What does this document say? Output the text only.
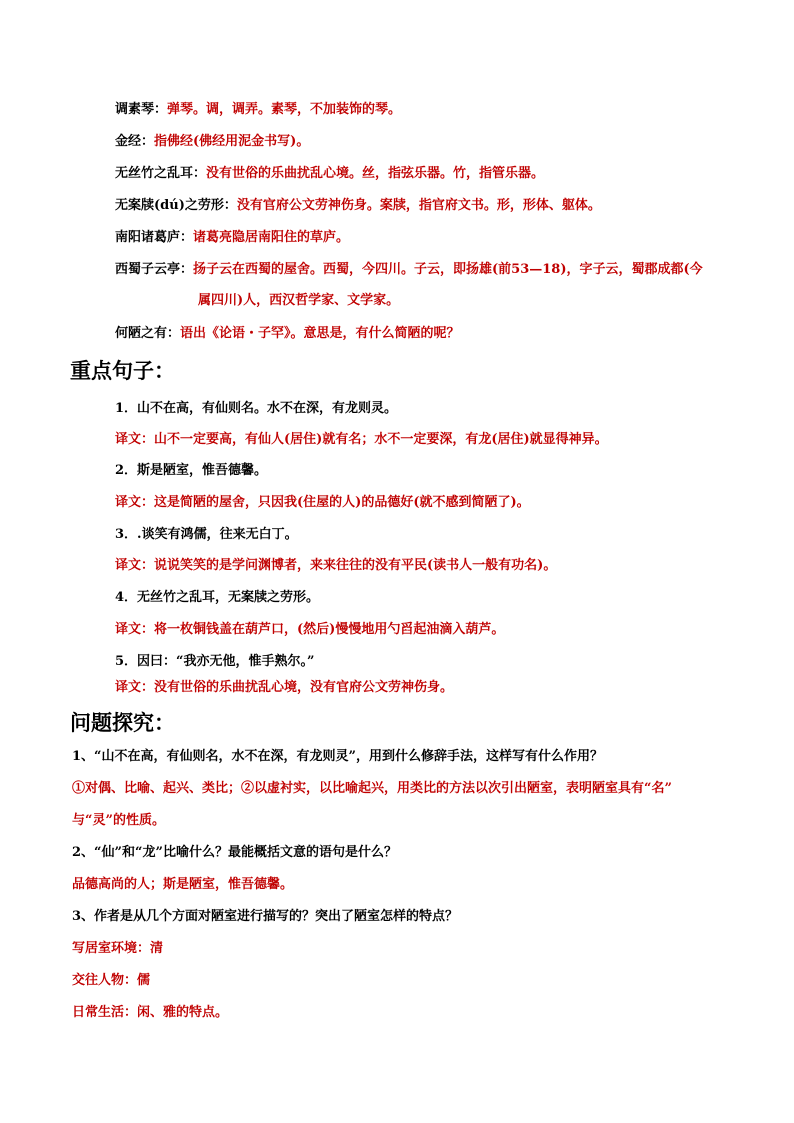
调素琴：弹琴。调，调弄。素琴，不加装饰的琴。
金经：指佛经(佛经用泥金书写)。
无丝竹之乱耳：没有世俗的乐曲扰乱心境。丝，指弦乐器。竹，指管乐器。
无案牍(dú)之劳形：没有官府公文劳神伤身。案牍，指官府文书。形，形体、躯体。
南阳诸葛庐：诸葛亮隐居南阳住的草庐。
西蜀子云亭：扬子云在西蜀的屋舍。西蜀，今四川。子云，即扬雄(前53—18)，字子云，蜀郡成都(今
属四川)人，西汉哲学家、文学家。
何陋之有：语出《论语・子罕》。意思是，有什么简陋的呢？
重点句子：
1．山不在高，有仙则名。水不在深，有龙则灵。
译文：山不一定要高，有仙人(居住)就有名；水不一定要深，有龙(居住)就显得神异。
2．斯是陋室，惟吾德馨。
译文：这是简陋的屋舍，只因我(住屋的人)的品德好(就不感到简陋了)。
3．.谈笑有鸿儒，往来无白丁。
译文：说说笑笑的是学问渊博者，来来往往的没有平民(读书人一般有功名)。
4．无丝竹之乱耳，无案牍之劳形。
译文：将一枚铜钱盖在葫芦口，(然后)慢慢地用勺舀起油滴入葫芦。
5．因曰：“我亦无他，惟手熟尔。”
译文：没有世俗的乐曲扰乱心境，没有官府公文劳神伤身。
问题探究：
1、“山不在高，有仙则名，水不在深，有龙则灵”，用到什么修辞手法，这样写有什么作用？
①对偶、比喻、起兴、类比；②以虚衬实，以比喻起兴，用类比的方法以次引出陋室，表明陋室具有“名”
与“灵”的性质。
2、“仙”和“龙”比喻什么？最能概括文意的语句是什么？
品德高尚的人；斯是陋室，惟吾德馨。
3、作者是从几个方面对陋室进行描写的？突出了陋室怎样的特点？
写居室环境：清
交往人物：儒
日常生活：闲、雅的特点。
